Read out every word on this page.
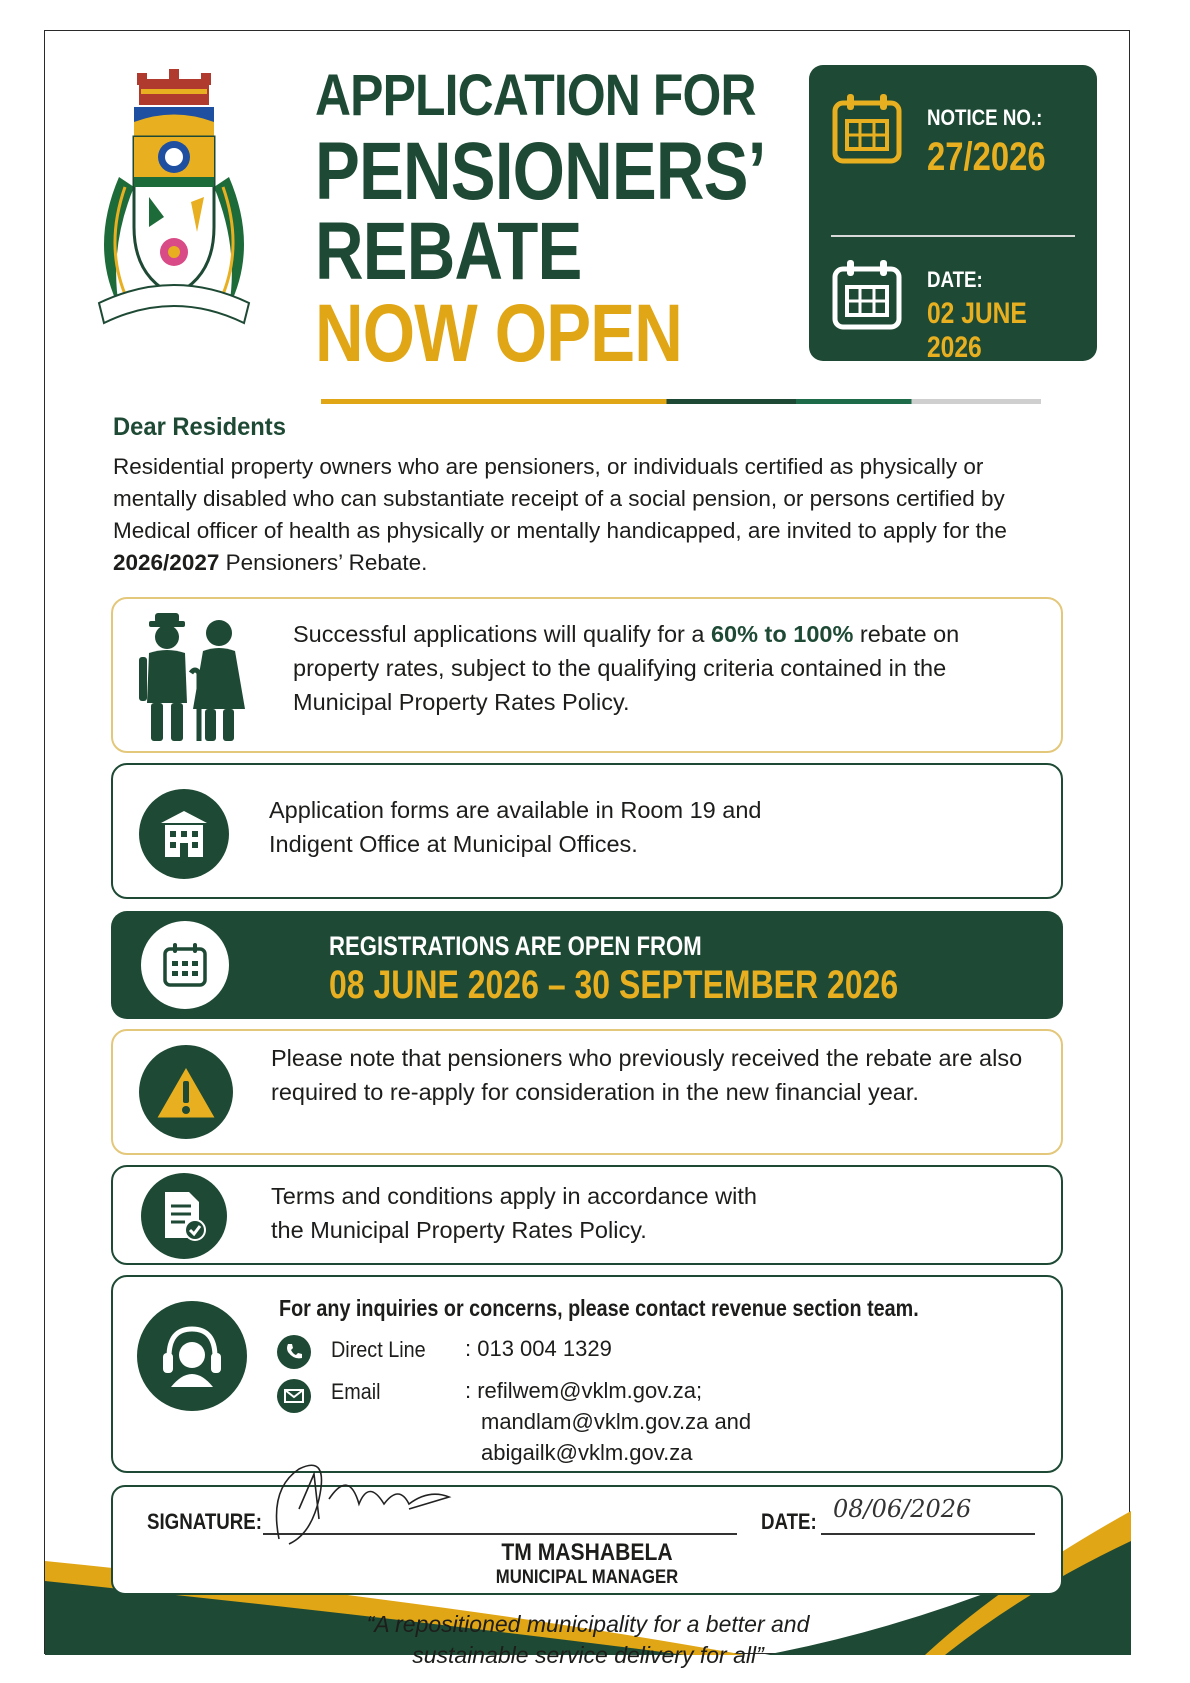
APPLICATION FOR
PENSIONERS’
REBATE
NOW OPEN
NOTICE NO.:
27/2026
DATE:
02 JUNE 2026
Dear Residents
Residential property owners who are pensioners, or individuals certified as physically or mentally disabled who can substantiate receipt of a social pension, or persons certified by Medical officer of health as physically or mentally handicapped, are invited to apply for the 2026/2027 Pensioners’ Rebate.
Successful applications will qualify for a 60% to 100% rebate on property rates, subject to the qualifying criteria contained in the Municipal Property Rates Policy.
Application forms are available in Room 19 and
Indigent Office at Municipal Offices.
REGISTRATIONS ARE OPEN FROM
08 JUNE 2026 – 30 SEPTEMBER 2026
Please note that pensioners who previously received the rebate are also required to re-apply for consideration in the new financial year.
Terms and conditions apply in accordance with
the Municipal Property Rates Policy.
For any inquiries or concerns, please contact revenue section team.
Direct Line : 013 004 1329
Email	: refilwem@vklm.gov.za;
mandlam@vklm.gov.za and
abigailk@vklm.gov.za
SIGNATURE:	DATE: 08/06/2026
TM MASHABELA
MUNICIPAL MANAGER
“A repositioned municipality for a better and
sustainable service delivery for all”
